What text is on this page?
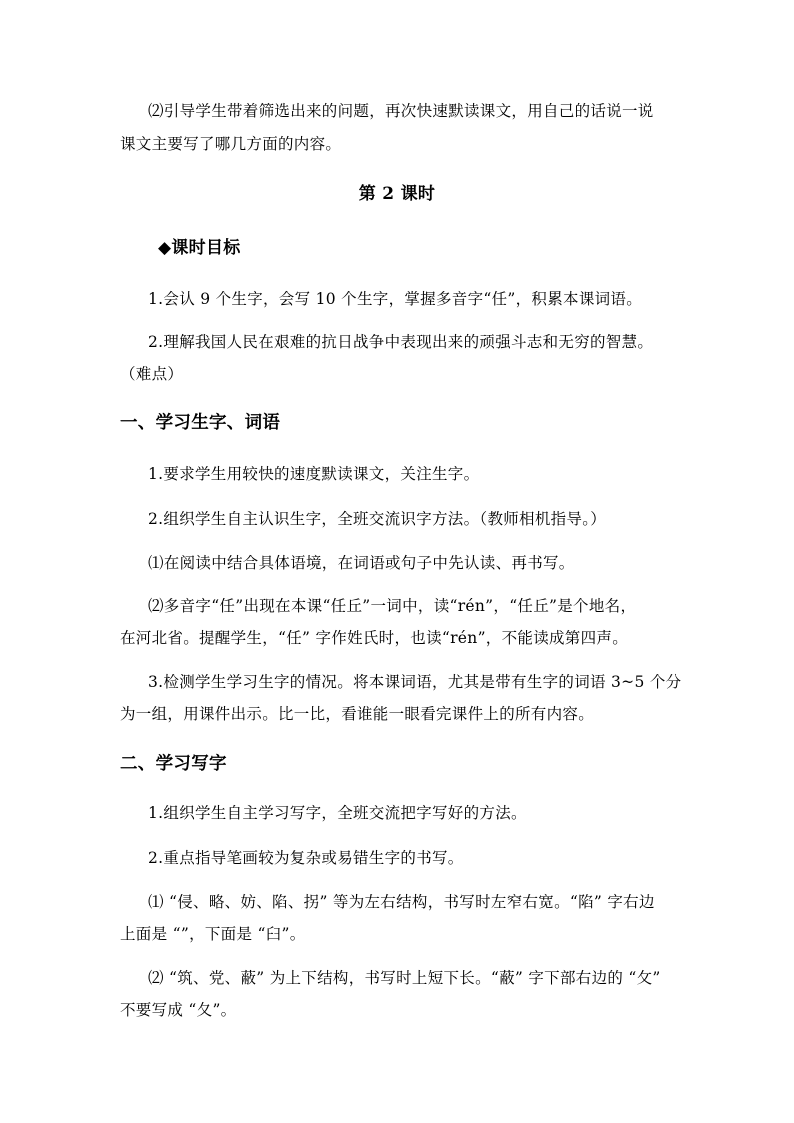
⑵引导学生带着筛选出来的问题，再次快速默读课文，用自己的话说一说
课文主要写了哪几方面的内容。
第 2 课时
◆课时目标
1.会认 9 个生字，会写 10 个生字，掌握多音字“任”，积累本课词语。
2.理解我国人民在艰难的抗日战争中表现出来的顽强斗志和无穷的智慧。
（难点）
一、学习生字、词语
1.要求学生用较快的速度默读课文，关注生字。
2.组织学生自主认识生字，全班交流识字方法。（教师相机指导。）
⑴在阅读中结合具体语境，在词语或句子中先认读、再书写。
⑵多音字“任”出现在本课“任丘”一词中，读“rén”，“任丘”是个地名，
在河北省。提醒学生，“任” 字作姓氏时，也读“rén”，不能读成第四声。
3.检测学生学习生字的情况。将本课词语，尤其是带有生字的词语 3~5 个分
为一组，用课件出示。比一比，看谁能一眼看完课件上的所有内容。
二、学习写字
1.组织学生自主学习写字，全班交流把字写好的方法。
2.重点指导笔画较为复杂或易错生字的书写。
⑴ “侵、略、妨、陷、拐” 等为左右结构，书写时左窄右宽。“陷” 字右边
上面是 “”，下面是 “臼”。
⑵ “筑、党、蔽” 为上下结构，书写时上短下长。“蔽” 字下部右边的 “攵”
不要写成 “夂”。
